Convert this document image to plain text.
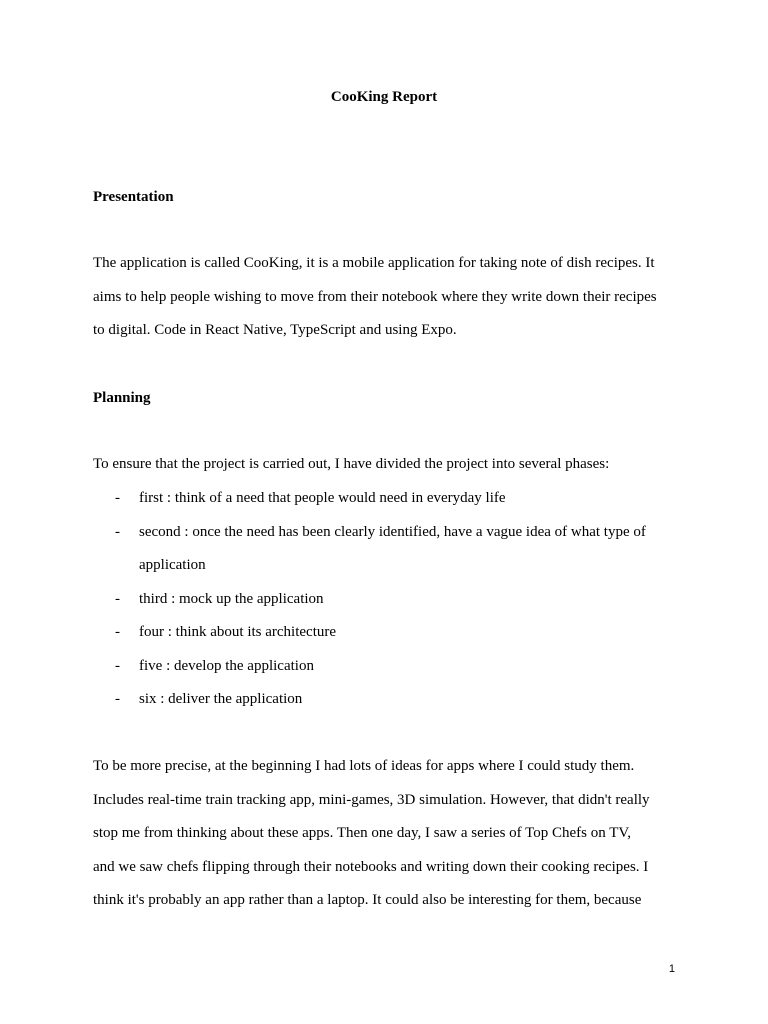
CooKing Report
Presentation
The application is called CooKing, it is a mobile application for taking note of dish recipes. It
aims to help people wishing to move from their notebook where they write down their recipes
to digital. Code in React Native, TypeScript and using Expo.
Planning
To ensure that the project is carried out, I have divided the project into several phases:
- first : think of a need that people would need in everyday life
- second : once the need has been clearly identified, have a vague idea of what type of
application
- third : mock up the application
- four : think about its architecture
- five : develop the application
- six : deliver the application
To be more precise, at the beginning I had lots of ideas for apps where I could study them.
Includes real-time train tracking app, mini-games, 3D simulation. However, that didn't really
stop me from thinking about these apps. Then one day, I saw a series of Top Chefs on TV,
and we saw chefs flipping through their notebooks and writing down their cooking recipes. I
think it's probably an app rather than a laptop. It could also be interesting for them, because
1
